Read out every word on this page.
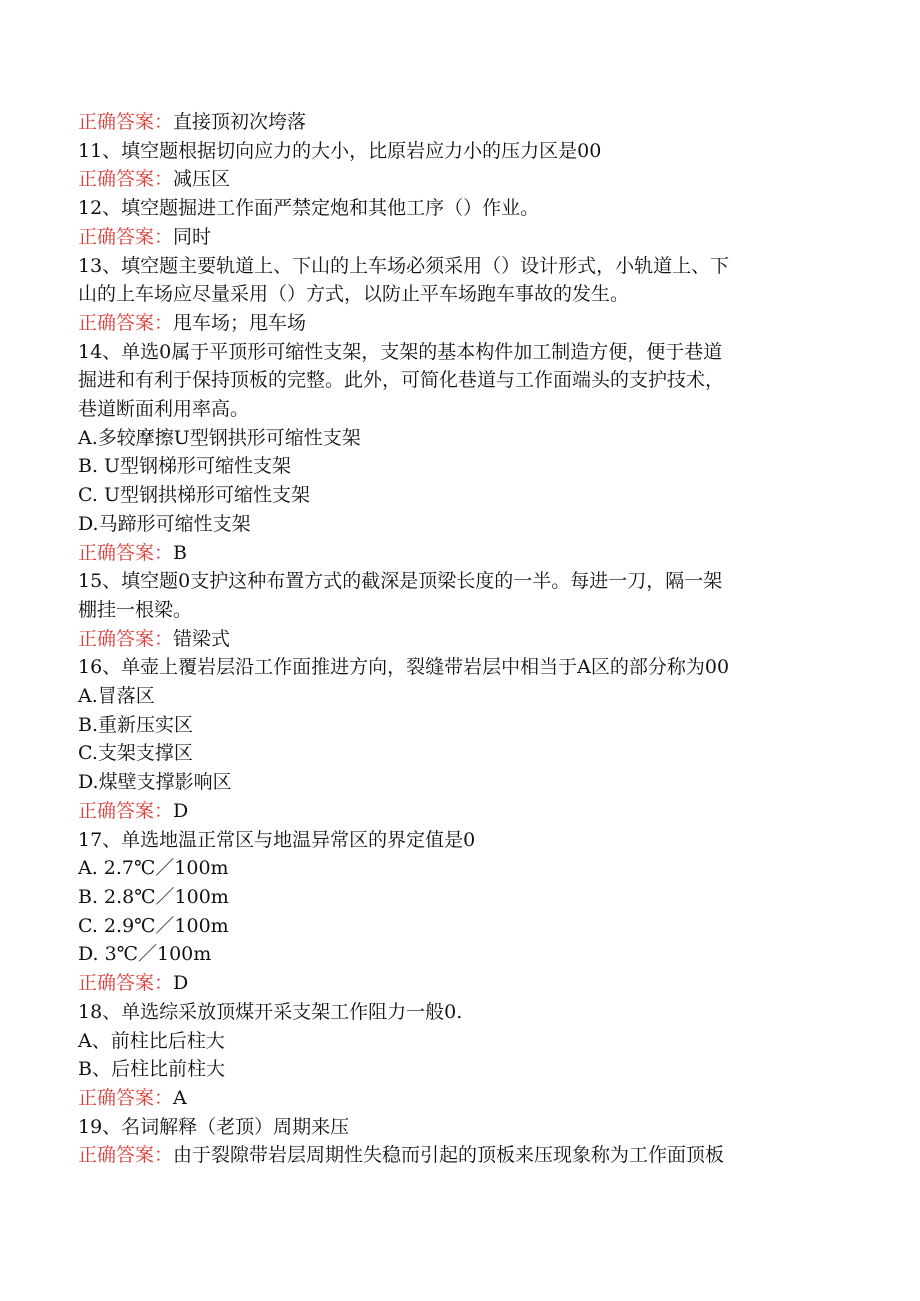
正确答案：直接顶初次垮落
11、填空题根据切向应力的大小，比原岩应力小的压力区是00
正确答案：减压区
12、填空题掘进工作面严禁定炮和其他工序（）作业。
正确答案：同时
13、填空题主要轨道上、下山的上车场必须采用（）设计形式，小轨道上、下
山的上车场应尽量采用（）方式，以防止平车场跑车事故的发生。
正确答案：甩车场；甩车场
14、单选0属于平顶形可缩性支架，支架的基本构件加工制造方便，便于巷道
掘进和有利于保持顶板的完整。此外，可简化巷道与工作面端头的支护技术，
巷道断面利用率高。
A.多较摩擦U型钢拱形可缩性支架
B. U型钢梯形可缩性支架
C. U型钢拱梯形可缩性支架
D.马蹄形可缩性支架
正确答案：B
15、填空题0支护这种布置方式的截深是顶梁长度的一半。每进一刀，隔一架
棚挂一根梁。
正确答案：错梁式
16、单壶上覆岩层沿工作面推进方向，裂缝带岩层中相当于A区的部分称为00
A.冒落区
B.重新压实区
C.支架支撑区
D.煤壁支撑影响区
正确答案：D
17、单选地温正常区与地温异常区的界定值是0
A. 2.7℃／100m
B. 2.8℃／100m
C. 2.9℃／100m
D. 3℃／100m
正确答案：D
18、单选综采放顶煤开采支架工作阻力一般0.
A、前柱比后柱大
B、后柱比前柱大
正确答案：A
19、名词解释（老顶）周期来压
正确答案：由于裂隙带岩层周期性失稳而引起的顶板来压现象称为工作面顶板
